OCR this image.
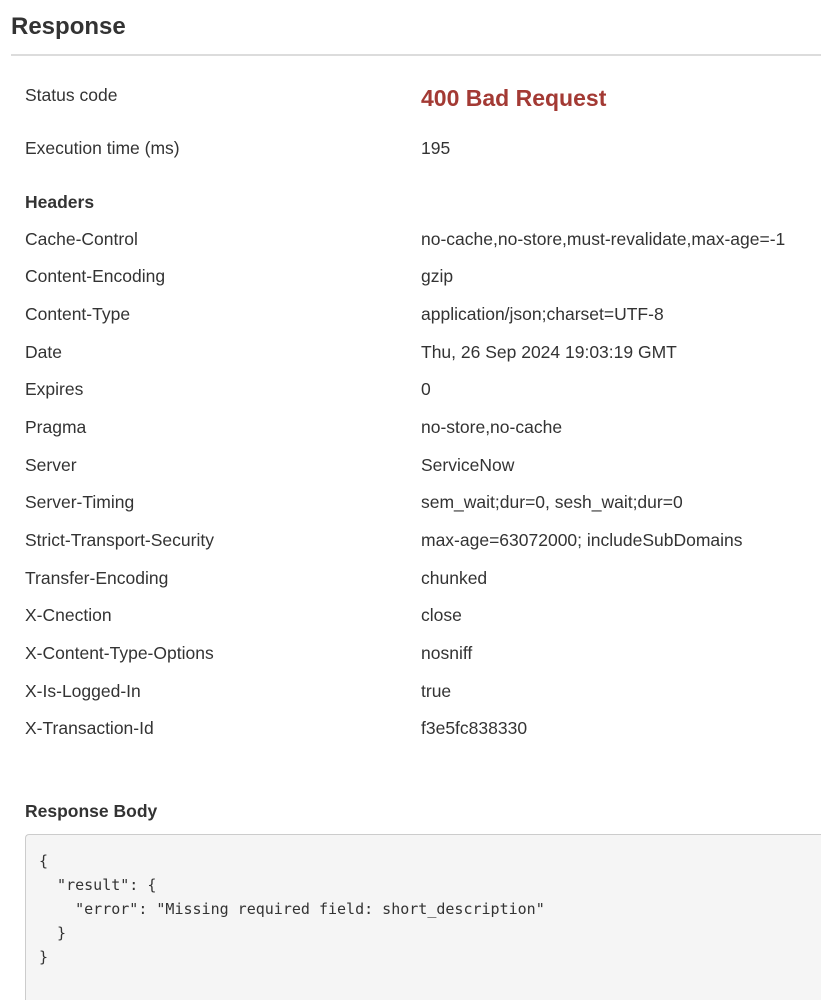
Response
Status code	400 Bad Request
Execution time (ms)	195
Headers
Cache-Control	no-cache,no-store,must-revalidate,max-age=-1
Content-Encoding	gzip
Content-Type	application/json;charset=UTF-8
Date	Thu, 26 Sep 2024 19:03:19 GMT
Expires	0
Pragma	no-store,no-cache
Server	ServiceNow
Server-Timing	sem_wait;dur=0, sesh_wait;dur=0
Strict-Transport-Security	max-age=63072000; includeSubDomains
Transfer-Encoding	chunked
X-Cnection	close
X-Content-Type-Options	nosniff
X-Is-Logged-In	true
X-Transaction-Id	f3e5fc838330
Response Body
{
"result": {
"error": "Missing required field: short_description"
}
}
